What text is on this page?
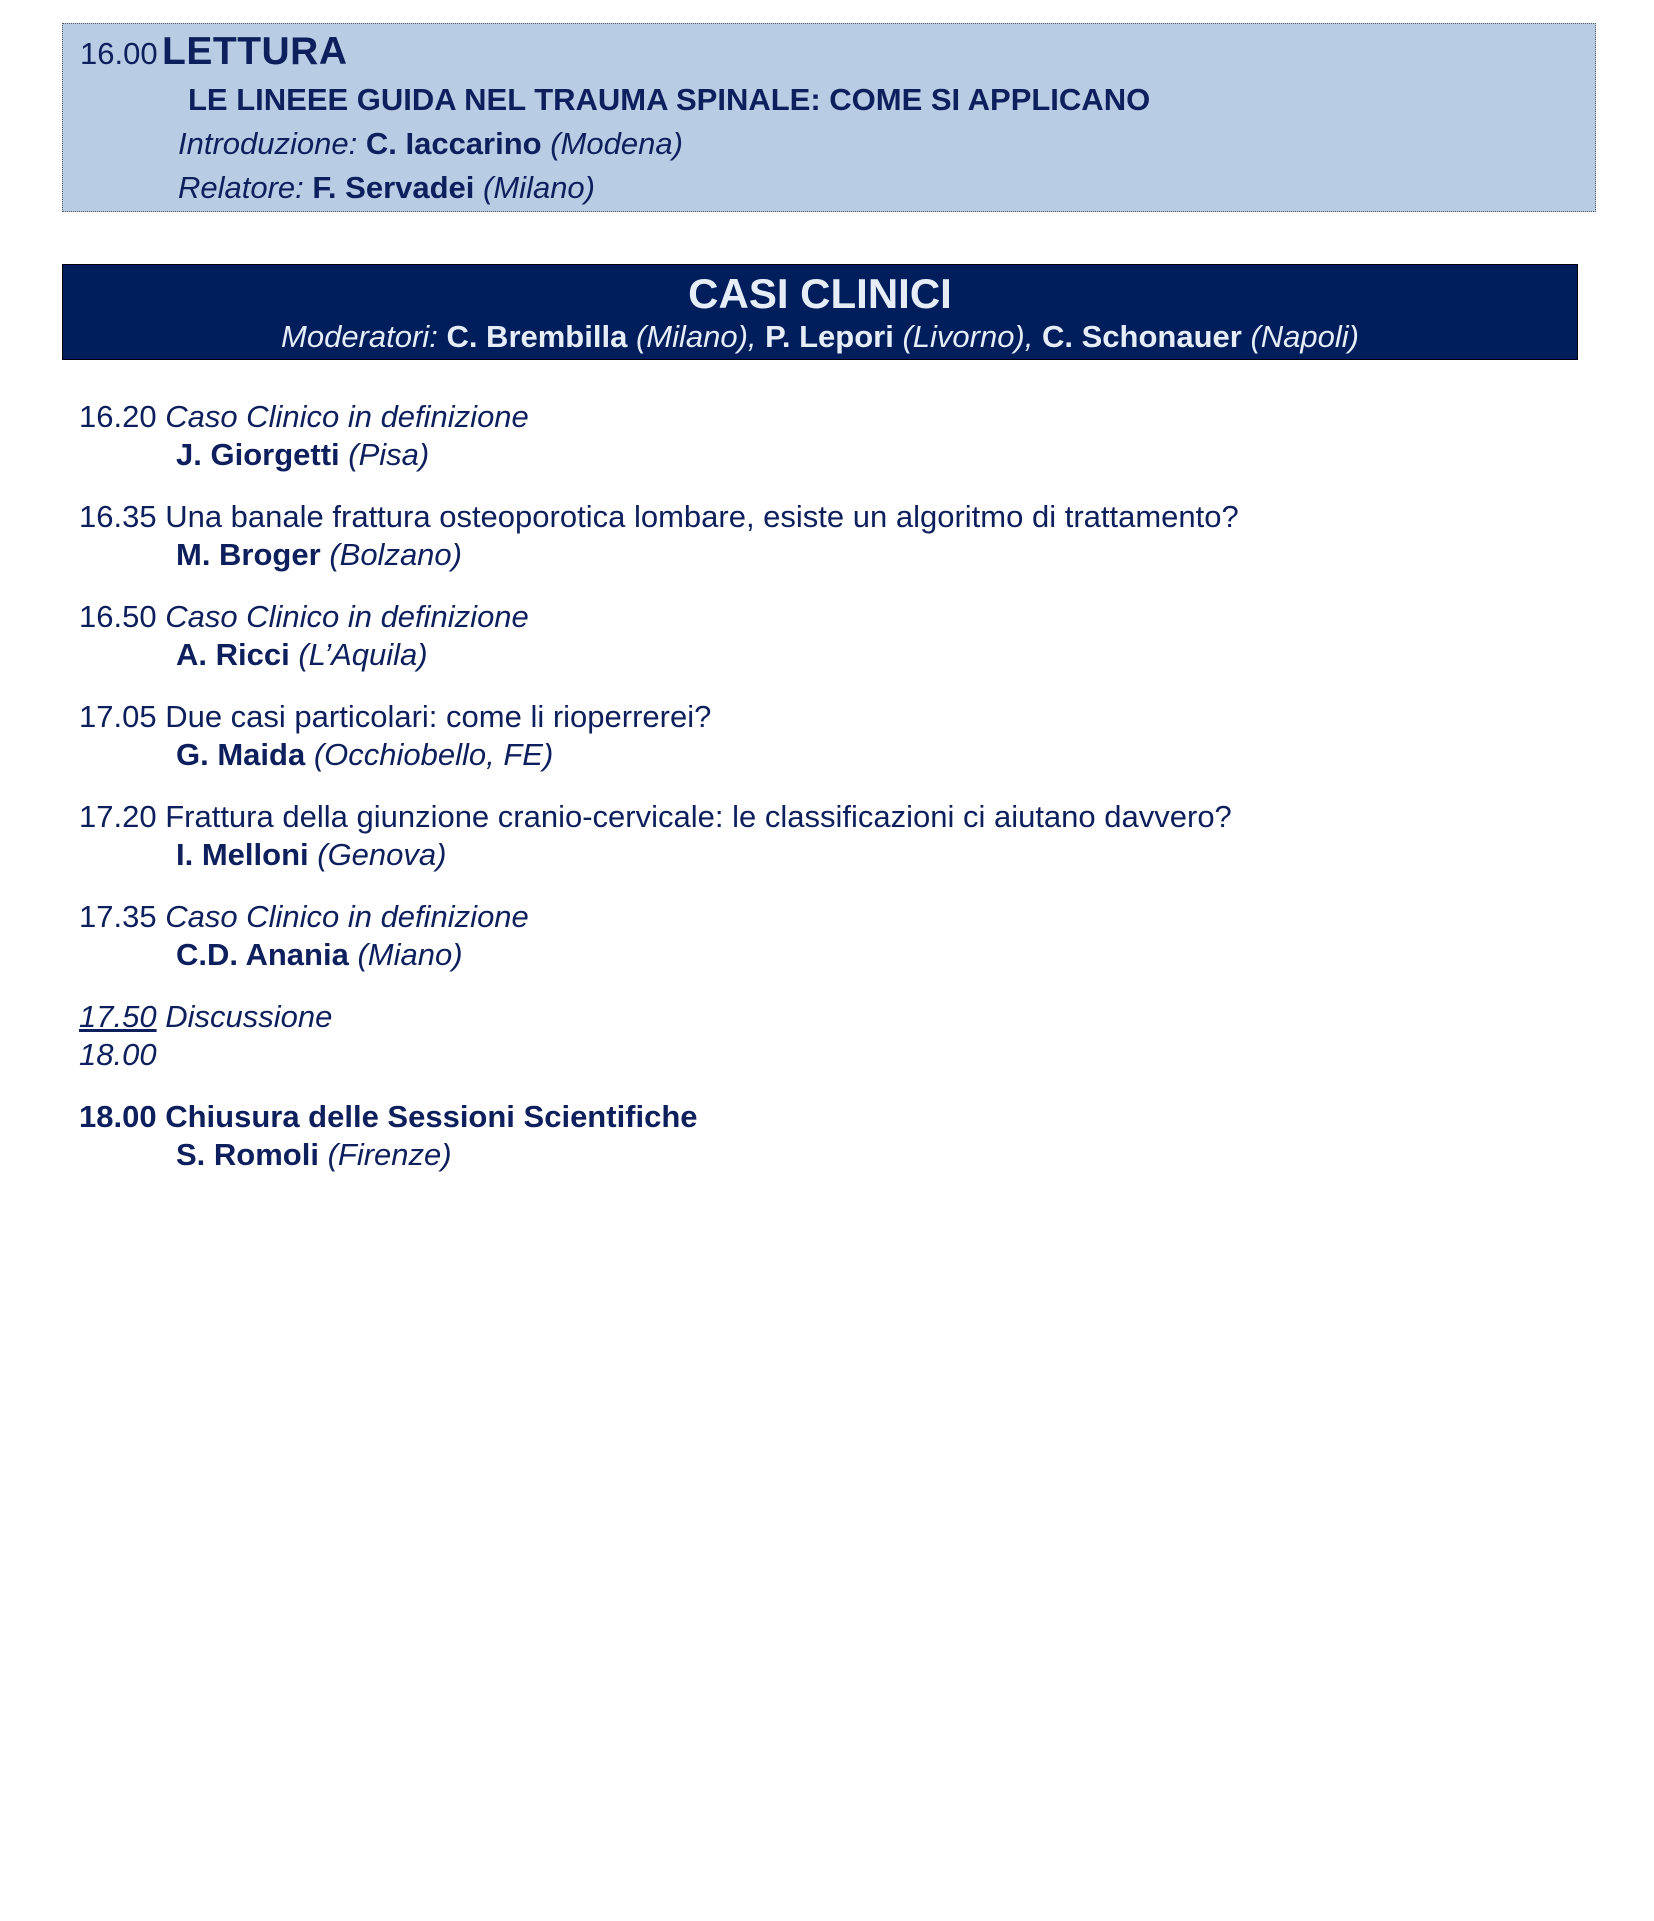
16.00 LETTURA
LE LINEEE GUIDA NEL TRAUMA SPINALE: COME SI APPLICANO
Introduzione: C. Iaccarino (Modena)
Relatore: F. Servadei (Milano)
CASI CLINICI
Moderatori: C. Brembilla (Milano), P. Lepori (Livorno), C. Schonauer (Napoli)
16.20 Caso Clinico in definizione
J. Giorgetti (Pisa)
16.35 Una banale frattura osteoporotica lombare, esiste un algoritmo di trattamento?
M. Broger (Bolzano)
16.50 Caso Clinico in definizione
A. Ricci (L’Aquila)
17.05 Due casi particolari: come li rioperrerei?
G. Maida (Occhiobello, FE)
17.20 Frattura della giunzione cranio-cervicale: le classificazioni ci aiutano davvero?
I. Melloni (Genova)
17.35 Caso Clinico in definizione
C.D. Anania (Miano)
17.50 Discussione
18.00
18.00 Chiusura delle Sessioni Scientifiche
S. Romoli (Firenze)
